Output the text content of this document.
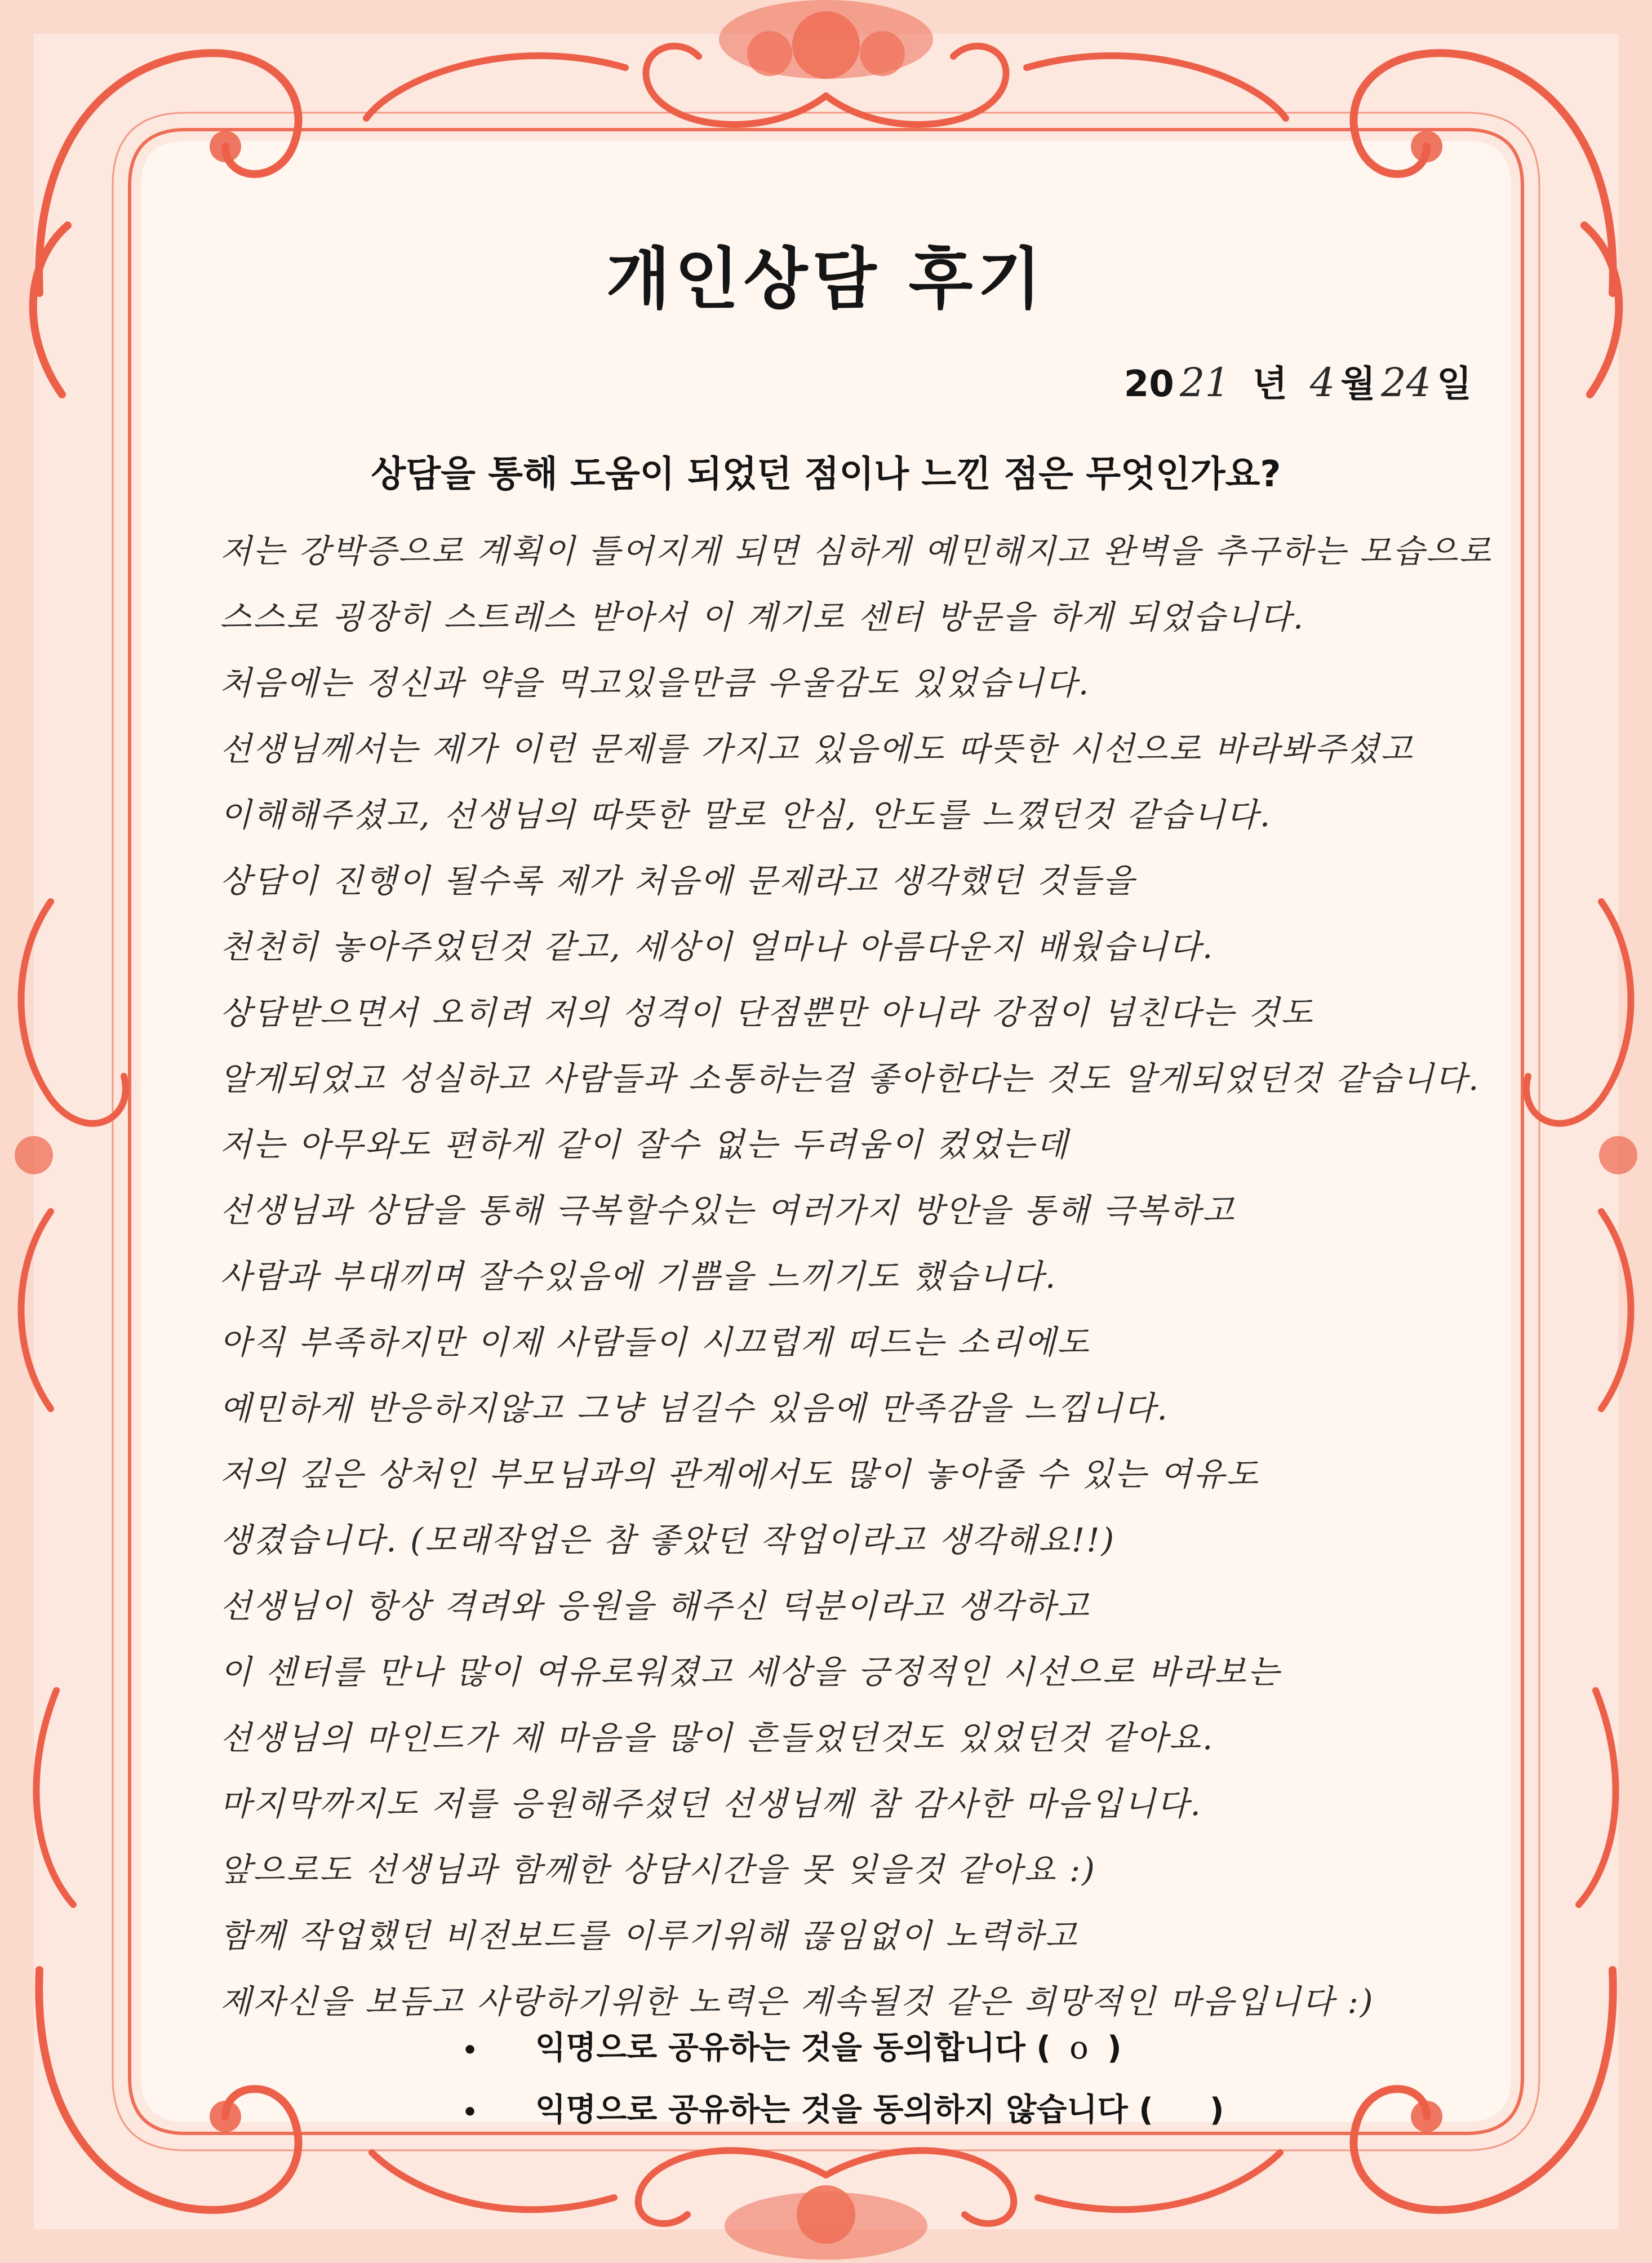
개인상담 후기
20 21 년 4 월 24 일
상담을 통해 도움이 되었던 점이나 느낀 점은 무엇인가요?
저는 강박증으로 계획이 틀어지게 되면 심하게 예민해지고 완벽을 추구하는 모습으로
스스로 굉장히 스트레스 받아서 이 계기로 센터 방문을 하게 되었습니다.
처음에는 정신과 약을 먹고있을만큼 우울감도 있었습니다.
선생님께서는 제가 이런 문제를 가지고 있음에도 따뜻한 시선으로 바라봐주셨고
이해해주셨고, 선생님의 따뜻한 말로 안심, 안도를 느꼈던것 같습니다.
상담이 진행이 될수록 제가 처음에 문제라고 생각했던 것들을
천천히 놓아주었던것 같고, 세상이 얼마나 아름다운지 배웠습니다.
상담받으면서 오히려 저의 성격이 단점뿐만 아니라 강점이 넘친다는 것도
알게되었고 성실하고 사람들과 소통하는걸 좋아한다는 것도 알게되었던것 같습니다.
저는 아무와도 편하게 같이 잘수 없는 두려움이 컸었는데
선생님과 상담을 통해 극복할수있는 여러가지 방안을 통해 극복하고
사람과 부대끼며 잘수있음에 기쁨을 느끼기도 했습니다.
아직 부족하지만 이제 사람들이 시끄럽게 떠드는 소리에도
예민하게 반응하지않고 그냥 넘길수 있음에 만족감을 느낍니다.
저의 깊은 상처인 부모님과의 관계에서도 많이 놓아줄 수 있는 여유도
생겼습니다. (모래작업은 참 좋았던 작업이라고 생각해요!!)
선생님이 항상 격려와 응원을 해주신 덕분이라고 생각하고
이 센터를 만나 많이 여유로워졌고 세상을 긍정적인 시선으로 바라보는
선생님의 마인드가 제 마음을 많이 흔들었던것도 있었던것 같아요.
마지막까지도 저를 응원해주셨던 선생님께 참 감사한 마음입니다.
앞으로도 선생님과 함께한 상담시간을 못 잊을것 같아요 :)
함께 작업했던 비전보드를 이루기위해 끊임없이 노력하고
제자신을 보듬고 사랑하기위한 노력은 계속될것 같은 희망적인 마음입니다 :)
• 익명으로 공유하는 것을 동의합니다 ( o )
• 익명으로 공유하는 것을 동의하지 않습니다 ( )
